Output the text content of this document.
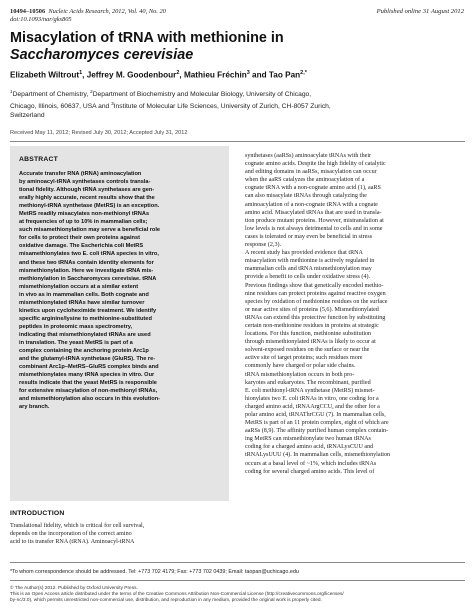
10494–10506 Nucleic Acids Research, 2012, Vol. 40, No. 20
doi:10.1093/nar/gks805
Published online 31 August 2012
Misacylation of tRNA with methionine in
Saccharomyces cerevisiae
Elizabeth Wiltrout$^1$, Jeffrey M. Goodenbour$^2$, Mathieu Fréchin$^3$ and Tao Pan$^{2,*}$
$^1$Department of Chemistry, $^2$Department of Biochemistry and Molecular Biology, University of Chicago,
Chicago, Illinois, 60637, USA and $^3$Institute of Molecular Life Sciences, University of Zurich, CH-8057 Zurich,
Switzerland
Received May 11, 2012; Revised July 30, 2012; Accepted July 31, 2012
ABSTRACT
Accurate transfer RNA (tRNA) aminoacylation
by aminoacyl-tRNA synthetases controls transla-
tional fidelity. Although tRNA synthetases are gen-
erally highly accurate, recent results show that the
methionyl-tRNA synthetase (MetRS) is an exception.
MetRS readily misacylates non-methionyl tRNAs
at frequencies of up to 10% in mammalian cells;
such misamethionylation may serve a beneficial role
for cells to protect their own proteins against
oxidative damage. The Escherichia coli MetRS
misamethionylates two E. coli tRNA species in vitro,
and these two tRNAs contain identity elements for
mismethionylation. Here we investigate tRNA mis-
methionylation in Saccharomyces cerevisiae. tRNA
mismethionylation occurs at a similar extent
in vivo as in mammalian cells. Both cognate and
mismethionylated tRNAs have similar turnover
kinetics upon cycloheximide treatment. We identify
specific arginine/lysine to methionine-substituted
peptides in proteomic mass spectrometry,
indicating that mismethionylated tRNAs are used
in translation. The yeast MetRS is part of a
complex containing the anchoring protein Arc1p
and the glutamyl-tRNA synthetase (GluRS). The re-
combinant Arc1p–MetRS–GluRS complex binds and
mismethionylates many tRNA species in vitro. Our
results indicate that the yeast MetRS is responsible
for extensive misacylation of non-methionyl tRNAs,
and mismethionylation also occurs in this evolution-
ary branch.
INTRODUCTION
Translational fidelity, which is critical for cell survival,
depends on the incorporation of the correct amino
acid to its transfer RNA (tRNA). Aminoacyl-tRNA
synthetases (aaRSs) aminoacylate tRNAs with their
cognate amino acids. Despite the high fidelity of catalytic
and editing domains in aaRSs, misacylation can occur
when the aaRS catalyzes the aminoacylation of a
cognate tRNA with a non-cognate amino acid (1), aaRS
can also misacylate tRNAs through catalyzing the
aminoacylation of a non-cognate tRNA with a cognate
amino acid. Misacylated tRNAs that are used in transla-
tion produce mutant proteins. However, mistranslation at
low levels is not always detrimental to cells and in some
cases is tolerated or may even be beneficial in stress
response (2,3).
A recent study has provided evidence that tRNA
misacylation with methionine is actively regulated in
mammalian cells and tRNA mismethionylation may
provide a benefit to cells under oxidative stress (4).
Previous findings show that genetically encoded methio-
nine residues can protect proteins against reactive oxygen
species by oxidation of methionine residues on the surface
or near active sites of proteins (5,6). Mismethionylated
tRNAs can extend this protective function by substituting
certain non-methionine residues in proteins at strategic
locations. For this function, methionine substitution
through mismethionylated tRNAs is likely to occur at
solvent-exposed residues on the surface or near the
active site of target proteins; such residues more
commonly have charged or polar side chains.
tRNA mismethionylation occurs in both pro-
karyotes and eukaryotes. The recombinant, purified
E. coli methionyl-tRNA synthetase (MetRS) mismet-
hionylates two E. coli tRNAs in vitro, one coding for a
charged amino acid, tRNAArgCCU, and the other for a
polar amino acid, tRNAThrCGU (7). In mammalian cells,
MetRS is part of an 11 protein complex, eight of which are
aaRSs (8,9). The affinity purified human complex contain-
ing MetRS can mismethionylate two human tRNAs
coding for a charged amino acid, tRNALysCUU and
tRNALysUUU (4). In mammalian cells, mismethionylation
occurs at a basal level of ~1%, which includes tRNAs
coding for several charged amino acids. This level of
*To whom correspondence should be addressed. Tel: +773 702 4179; Fax: +773 702 0439; Email: taopan@uchicago.edu
© The Author(s) 2012. Published by Oxford University Press.
This is an Open Access article distributed under the terms of the Creative Commons Attribution Non-Commercial License (http://creativecommons.org/licenses/
by-nc/3.0), which permits unrestricted non-commercial use, distribution, and reproduction in any medium, provided the original work is properly cited.
